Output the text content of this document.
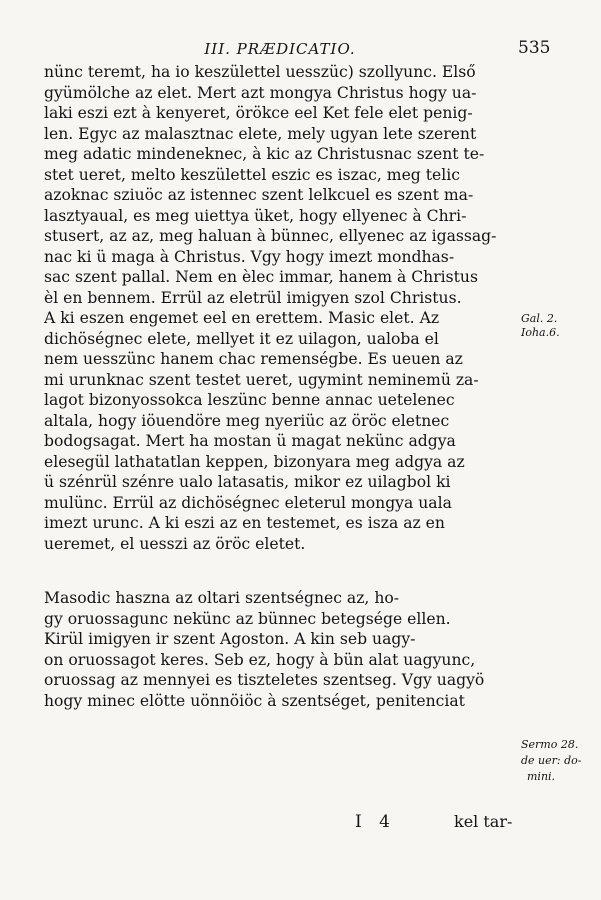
III. PRÆDICATIO.	535
nünc teremt, ha io keszülettel uesszüc) szollyunc. Első
gyümölche az elet. Mert azt mongya Christus hogy ua-
laki eszi ezt à kenyeret, örökce eel Ket fele elet penig-
len. Egyc az malasztnac elete, mely ugyan lete szerent
meg adatic mindeneknec, à kic az Christusnac szent te-
stet ueret, melto keszülettel eszic es iszac, meg telic
azoknac sziuöc az istennec szent lelkcuel es szent ma-
lasztyaual, es meg uiettya üket, hogy ellyenec à Chri-
stusert, az az, meg haluan à bünnec, ellyenec az igassag-
nac ki ü maga à Christus. Vgy hogy imezt mondhas-
sac szent pallal. Nem en èlec immar, hanem à Christus
èl en bennem. Errül az eletrül imigyen szol Christus.
A ki eszen engemet eel en erettem. Masic elet. Az
dichöségnec elete, mellyet it ez uilagon, ualoba el
nem uesszünc hanem chac remenségbe. Es ueuen az
mi urunknac szent testet ueret, ugymint neminemü za-
lagot bizonyossokca leszünc benne annac uetelenec
altala, hogy iöuendöre meg nyeriüc az öröc eletnec
bodogsagat. Mert ha mostan ü magat nekünc adgya
elesegül lathatatlan keppen, bizonyara meg adgya az
ü szénrül szénre ualo latasatis, mikor ez uilagbol ki
mulünc. Errül az dichöségnec eleterul mongya uala
imezt urunc. A ki eszi az en testemet, es isza az en
ueremet, el uesszi az öröc eletet.
Masodic haszna az oltari szentségnec az, ho-
gy oruossagunc nekünc az bünnec betegsége ellen.
Kirül imigyen ir szent Agoston. A kin seb uagy-
on oruossagot keres. Seb ez, hogy à bün alat uagyunc,
oruossag az mennyei es tiszteletes szentseg. Vgy uagyö
hogy minec elötte uönnöiöc à szentséget, penitenciat
Gal. 2.
Ioha.6.
Sermo 28.
de uer: do-
mini.
I 4	kel tar-
